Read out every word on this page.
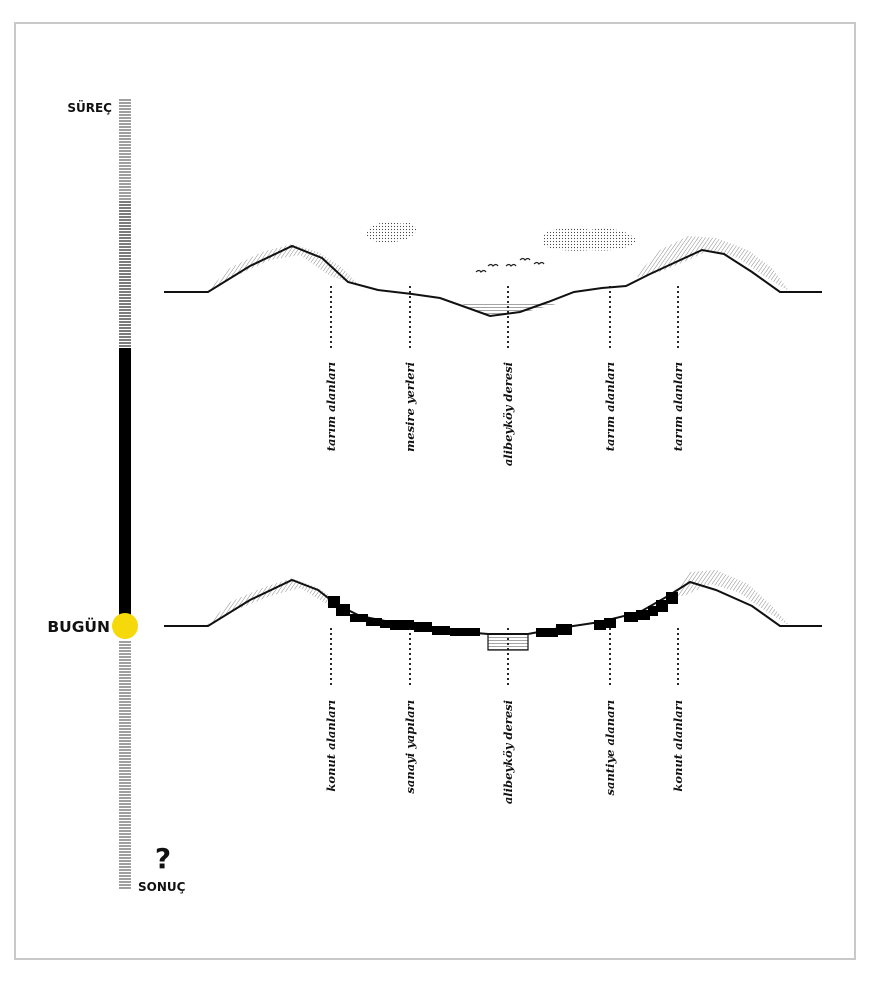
SÜREÇ
BUGÜN
SONUÇ
?
tarım alanları	mesire yerleri	alibeyköy deresi	tarım alanları	tarım alanları
konut alanları	sanayi yapıları	alibeyköy deresi	santiye alanarı	konut alanları
